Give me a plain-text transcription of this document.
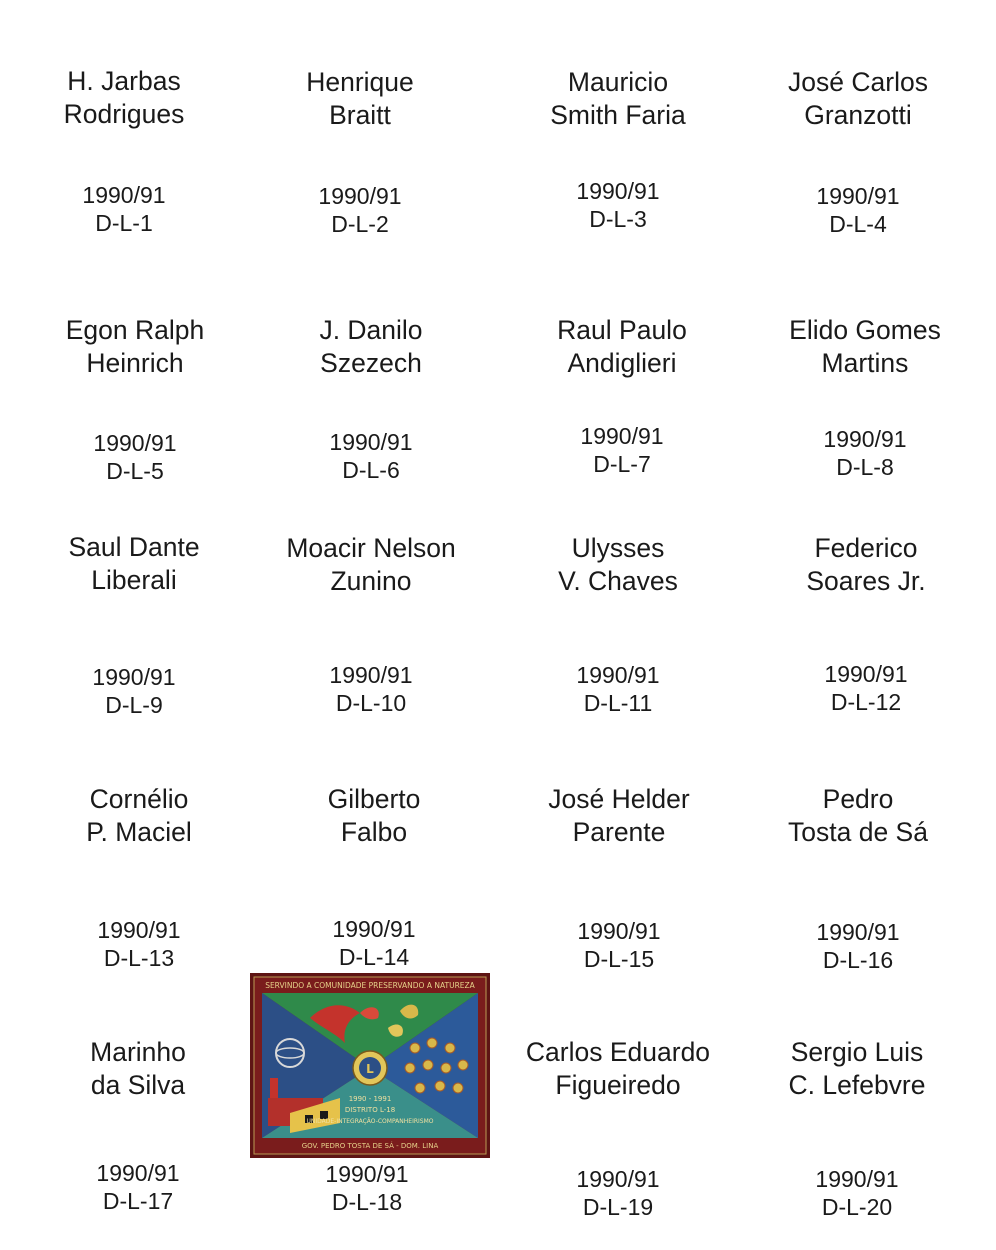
H. Jarbas
Rodrigues
1990/91
D-L-1
Henrique
Braitt
1990/91
D-L-2
Mauricio
Smith Faria
1990/91
D-L-3
José Carlos
Granzotti
1990/91
D-L-4
Egon Ralph
Heinrich
1990/91
D-L-5
J. Danilo
Szezech
1990/91
D-L-6
Raul Paulo
Andiglieri
1990/91
D-L-7
Elido Gomes
Martins
1990/91
D-L-8
Saul Dante
Liberali
1990/91
D-L-9
Moacir Nelson
Zunino
1990/91
D-L-10
Ulysses
V. Chaves
1990/91
D-L-11
Federico
Soares Jr.
1990/91
D-L-12
Cornélio
P. Maciel
1990/91
D-L-13
Gilberto
Falbo
1990/91
D-L-14
José Helder
Parente
1990/91
D-L-15
Pedro
Tosta de Sá
1990/91
D-L-16
Marinho
da Silva
1990/91
D-L-17
1990/91
D-L-18
Carlos Eduardo
Figueiredo
1990/91
D-L-19
Sergio Luis
C. Lefebvre
1990/91
D-L-20
L
SERVINDO A COMUNIDADE PRESERVANDO A NATUREZA
1990 - 1991
DISTRITO L-18
UNIDADE-INTEGRAÇÃO-COMPANHEIRISMO
GOV. PEDRO TOSTA DE SÁ - DOM. LINA
